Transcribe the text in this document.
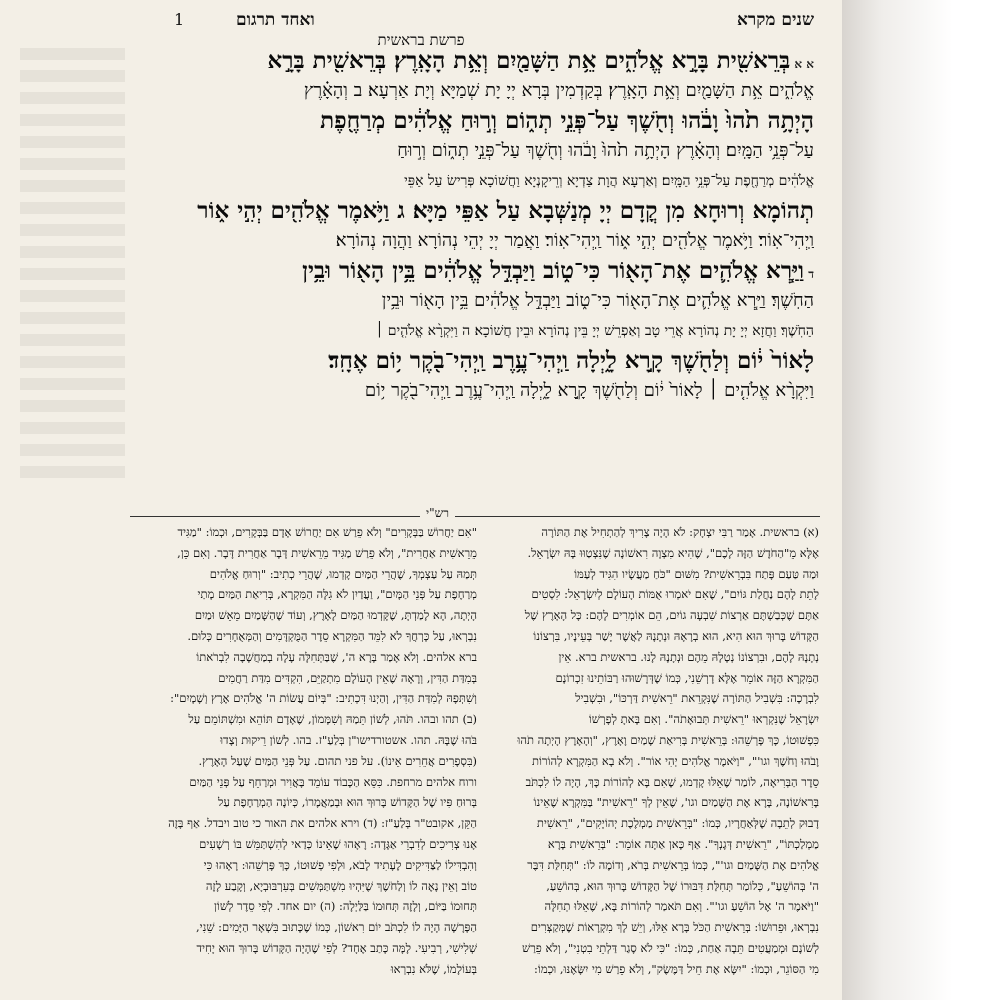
שנים מקרא
ואחד תרגום
1
פרשת בראשית
א א בְּרֵאשִׁ֖ית בָּרָ֣א אֱלֹהִ֑ים אֵ֥ת הַשָּׁמַ֖יִם וְאֵ֥ת הָאָֽרֶץ׃ בְּרֵאשִׁ֖ית בָּרָ֣א
אֱלֹהִ֑ים אֵ֥ת הַשָּׁמַ֖יִם וְאֵ֥ת הָאָֽרֶץ׃ בְּקַדְמִין בְּרָא יְיָ יָת שְׁמַיָּא וְיָת אַרְעָא׃ ב וְהָאָ֗רֶץ
הָיְתָ֥ה תֹ֙הוּ֙ וָבֹ֔הוּ וְחֹ֖שֶׁךְ עַל־פְּנֵ֣י תְה֑וֹם וְר֣וּחַ אֱלֹהִ֔ים מְרַחֶ֖פֶת
עַל־פְּנֵ֥י הַמָּֽיִם׃ וְהָאָ֗רֶץ הָיְתָ֥ה תֹ֙הוּ֙ וָבֹ֔הוּ וְחֹ֖שֶׁךְ עַל־פְּנֵ֣י תְה֑וֹם וְר֣וּחַ
אֱלֹהִ֔ים מְרַחֶ֖פֶת עַל־פְּנֵ֥י הַמָּֽיִם׃ וְאַרְעָא הֲוָת צַדְיָא וְרֵיקָנְיָא וַחֲשׁוֹכָא פְּרִישׂ עַל אַפֵּי
תְהוֹמָא וְרוּחָא מִן קֳדָם יְיָ מְנַשְּׁבָא עַל אַפֵּי מַיָּא׃ ג וַיֹּ֥אמֶר אֱלֹהִ֖ים יְהִ֣י א֑וֹר
וַֽיְהִי־אֽוֹר׃ וַיֹּ֥אמֶר אֱלֹהִ֖ים יְהִ֣י א֑וֹר וַֽיְהִי־אֽוֹר׃ וַאֲמַר יְיָ יְהֵי נְהוֹרָא וַהֲוָה נְהוֹרָא׃
ד וַיַּ֧רְא אֱלֹהִ֛ים אֶת־הָא֖וֹר כִּי־ט֑וֹב וַיַּבְדֵּ֣ל אֱלֹהִ֔ים בֵּ֥ין הָא֖וֹר וּבֵ֥ין
הַחֹֽשֶׁךְ׃ וַיַּ֧רְא אֱלֹהִ֛ים אֶת־הָא֖וֹר כִּי־ט֑וֹב וַיַּבְדֵּ֣ל אֱלֹהִ֔ים בֵּ֥ין הָא֖וֹר וּבֵ֥ין
הַחֹֽשֶׁךְ׃ וַחֲזָא יְיָ יָת נְהוֹרָא אֲרֵי טָב וְאַפְרֵשׁ יְיָ בֵּין נְהוֹרָא וּבֵין חֲשׁוֹכָא׃ ה וַיִּקְרָ֨א אֱלֹהִ֤ים ׀
לָאוֹר֙ י֔וֹם וְלַחֹ֖שֶׁךְ קָ֣רָא לָ֑יְלָה וַֽיְהִי־עֶ֥רֶב וַֽיְהִי־בֹ֖קֶר י֥וֹם אֶחָֽד׃
וַיִּקְרָ֨א אֱלֹהִ֤ים ׀ לָאוֹר֙ י֔וֹם וְלַחֹ֖שֶׁךְ קָ֣רָא לָ֑יְלָה וַֽיְהִי־עֶ֥רֶב וַֽיְהִי־בֹ֖קֶר י֥וֹם
רש"י

(א) בראשית. אָמַר רַבִּי יִצְחָק: לֹא הָיָה צָרִיךְ לְהַתְחִיל אֶת הַתּוֹרָה

אֶלָּא מֵ"הַחֹדֶשׁ הַזֶּה לָכֶם", שֶׁהִיא מִצְוָה רִאשׁוֹנָה שֶׁנִּצְטַוּוּ בָּהּ יִשְׂרָאֵל.

וּמַה טַּעַם פָּתַח בִּבְרֵאשִׁית? מִשּׁוּם "כֹּחַ מַעֲשָׂיו הִגִּיד לְעַמּוֹ

לָתֵת לָהֶם נַחֲלַת גּוֹיִם", שֶׁאִם יֹאמְרוּ אֻמּוֹת הָעוֹלָם לְיִשְׂרָאֵל: לִסְטִים

אַתֶּם שֶׁכְּבַשְׁתֶּם אַרְצוֹת שִׁבְעָה גוֹיִם, הֵם אוֹמְרִים לָהֶם: כָּל הָאָרֶץ שֶׁל

הַקָּדוֹשׁ בָּרוּךְ הוּא הִיא, הוּא בְרָאָהּ וּנְתָנָהּ לַאֲשֶׁר יָשַׁר בְּעֵינָיו, בִּרְצוֹנוֹ

נְתָנָהּ לָהֶם, וּבִרְצוֹנוֹ נְטָלָהּ מֵהֶם וּנְתָנָהּ לָנוּ. בראשית ברא. אֵין

הַמִּקְרָא הַזֶּה אוֹמֵר אֶלָּא דָרְשֵׁנִי, כְּמוֹ שֶׁדְּרָשׁוּהוּ רַבּוֹתֵינוּ זִכְרוֹנָם

לִבְרָכָה: בִּשְׁבִיל הַתּוֹרָה שֶׁנִּקְרֵאת "רֵאשִׁית דַּרְכּוֹ", וּבִשְׁבִיל

יִשְׂרָאֵל שֶׁנִּקְרְאוּ "רֵאשִׁית תְּבוּאָתֹה". וְאִם בָּאתָ לְפָרְשׁוֹ

כִּפְשׁוּטוֹ, כָּךְ פָּרְשֵׁהוּ: בְּרֵאשִׁית בְּרִיאַת שָׁמַיִם וָאָרֶץ, "וְהָאָרֶץ הָיְתָה תֹהוּ

וָבֹהוּ וְחֹשֶׁךְ וגו'", "וַיֹּאמֶר אֱלֹהִים יְהִי אוֹר". וְלֹא בָא הַמִּקְרָא לְהוֹרוֹת

סֵדֶר הַבְּרִיאָה, לוֹמַר שֶׁאֵלּוּ קָדְמוּ, שֶׁאִם בָּא לְהוֹרוֹת כָּךְ, הָיָה לוֹ לִכְתֹּב

בָּרִאשׁוֹנָה, בָּרָא אֶת הַשָּׁמַיִם וגו', שֶׁאֵין לְךָ "רֵאשִׁית" בַּמִּקְרָא שֶׁאֵינוֹ

דָבוּק לְתֵבָה שֶׁלְּאַחֲרָיו, כְּמוֹ: "בְּרֵאשִׁית מַמְלֶכֶת יְהוֹיָקִים", "רֵאשִׁית

מַמְלַכְתּוֹ", "רֵאשִׁית דְּגָנְךָ". אַף כָּאן אַתָּה אוֹמֵר: "בְּרֵאשִׁית בָּרָא

אֱלֹהִים אֶת הַשָּׁמַיִם וגו'", כְּמוֹ בְּרֵאשִׁית בְּרֹא, וְדוֹמֶה לוֹ: "תְּחִלַּת דִּבֶּר

ה' בְּהוֹשֵׁעַ", כְּלוֹמַר תְּחִלַּת דִּבּוּרוֹ שֶׁל הַקָּדוֹשׁ בָּרוּךְ הוּא, בְּהוֹשֵׁעַ,

"וַיֹּאמֶר ה' אֶל הוֹשֵׁעַ וגו'". וְאִם תֹּאמַר לְהוֹרוֹת בָּא, שֶׁאֵלּוּ תְחִלָּה

נִבְרְאוּ, וּפֵרוּשׁוֹ: בְּרֵאשִׁית הַכֹּל בָּרָא אֵלּוּ, וְיֵשׁ לָךְ מִקְרָאוֹת שֶׁמְּקַצְּרִים

לְשׁוֹנָם וּמְמַעֲטִים תֵּבָה אַחַת, כְּמוֹ: "כִּי לֹא סָגַר דַּלְתֵי בִטְנִי", וְלֹא פֵרַשׁ

מִי הַסּוֹגֵר, וּכְמוֹ: "יִשָּׂא אֶת חֵיל דַּמֶּשֶׂק", וְלֹא פֵרַשׁ מִי יִשָּׂאֶנּוּ, וּכְמוֹ:

"אִם יַחֲרוֹשׁ בַּבְּקָרִים" וְלֹא פֵרַשׁ אִם יַחֲרוֹשׁ אָדָם בַּבְּקָרִים, וּכְמוֹ: "מַגִּיד

מֵרֵאשִׁית אַחֲרִית", וְלֹא פֵרַשׁ מַגִּיד מֵרֵאשִׁית דָּבָר אַחֲרִית דָּבָר. וְאִם כֵּן,

תְּמַהּ עַל עַצְמְךָ, שֶׁהֲרֵי הַמַּיִם קָדְמוּ, שֶׁהֲרֵי כְתִיב: "וְרוּחַ אֱלֹהִים

מְרַחֶפֶת עַל פְּנֵי הַמָּיִם", וַעֲדַיִן לֹא גִלָּה הַמִּקְרָא, בְּרִיאַת הַמַּיִם מָתַי

הָיְתָה, הָא לָמַדְתָּ, שֶׁקָּדְמוּ הַמַּיִם לָאָרֶץ, וְעוֹד שֶׁהַשָּׁמַיִם מֵאֵשׁ וּמַיִם

נִבְרְאוּ, עַל כָּרְחֲךָ לֹא לִמֵּד הַמִּקְרָא סֵדֶר הַמֻּקְדָּמִים וְהַמְּאֻחָרִים כְּלוּם.

ברא אלהים. וְלֹא אָמַר בָּרָא ה', שֶׁבַּתְּחִלָּה עָלָה בְמַחֲשָׁבָה לִבְרֹאתוֹ

בְּמִדַּת הַדִּין, וְרָאָה שֶׁאֵין הָעוֹלָם מִתְקַיֵּם, הִקְדִּים מִדַּת רַחֲמִים

וְשִׁתְּפָהּ לְמִדַּת הַדִּין, וְהַיְנוּ דִּכְתִיב: "בְּיוֹם עֲשׂוֹת ה' אֱלֹהִים אֶרֶץ וְשָׁמָיִם":

(ב) תהו ובהו. תֹּהוּ, לְשׁוֹן תֵּמַהּ וְשִׁמָּמוֹן, שֶׁאָדָם תּוֹהֵא וּמִשְׁתּוֹמֵם עַל

בֹּהוּ שֶׁבָּהּ. תהו. אשטורדישו"ן בְּלַעַ"ז. בהו. לְשׁוֹן רֵיקוּת וְצָדוּ

(בִּסְפָרִים אֲחֵרִים אֵינוֹ). על פני תהום. עַל פְּנֵי הַמַּיִם שֶׁעַל הָאָרֶץ.

ורוח אלהים מרחפת. כִּסֵּא הַכָּבוֹד עוֹמֵד בָּאֲוִיר וּמְרַחֵף עַל פְּנֵי הַמַּיִם

בְּרוּחַ פִּיו שֶׁל הַקָּדוֹשׁ בָּרוּךְ הוּא וּבְמַאֲמָרוֹ, כְּיוֹנָה הַמְרַחֶפֶת עַל

הַקֵּן, אקובט"ר בְּלַעַ"ז: (ד) וירא אלהים את האור כי טוב ויבדל. אַף בָּזֶה

אָנוּ צְרִיכִים לְדִבְרֵי אַגָּדָה: רָאָהוּ שֶׁאֵינוֹ כְּדַאי לְהִשְׁתַּמֵּשׁ בּוֹ רְשָׁעִים

וְהִבְדִּילוֹ לַצַּדִּיקִים לֶעָתִיד לָבֹא, וּלְפִי פְשׁוּטוֹ, כָּךְ פָּרְשֵׁהוּ: רָאָהוּ כִּי

טוֹב וְאֵין נָאֶה לוֹ וְלַחֹשֶׁךְ שֶׁיִּהְיוּ מִשְׁתַּמְּשִׁים בְּעִרְבּוּבְיָא, וְקָבַע לָזֶה

תְּחוּמוֹ בַּיּוֹם, וְלָזֶה תְּחוּמוֹ בַּלַּיְלָה: (ה) יום אחד. לְפִי סֵדֶר לְשׁוֹן

הַפָּרָשָׁה הָיָה לוֹ לִכְתֹּב יוֹם רִאשׁוֹן, כְּמוֹ שֶׁכָּתוּב בִּשְׁאָר הַיָּמִים: שֵׁנִי,

שְׁלִישִׁי, רְבִיעִי. לָמָּה כָּתַב אֶחָד? לְפִי שֶׁהָיָה הַקָּדוֹשׁ בָּרוּךְ הוּא יָחִיד

בְּעוֹלָמוֹ, שֶׁלֹּא נִבְרְאוּ
